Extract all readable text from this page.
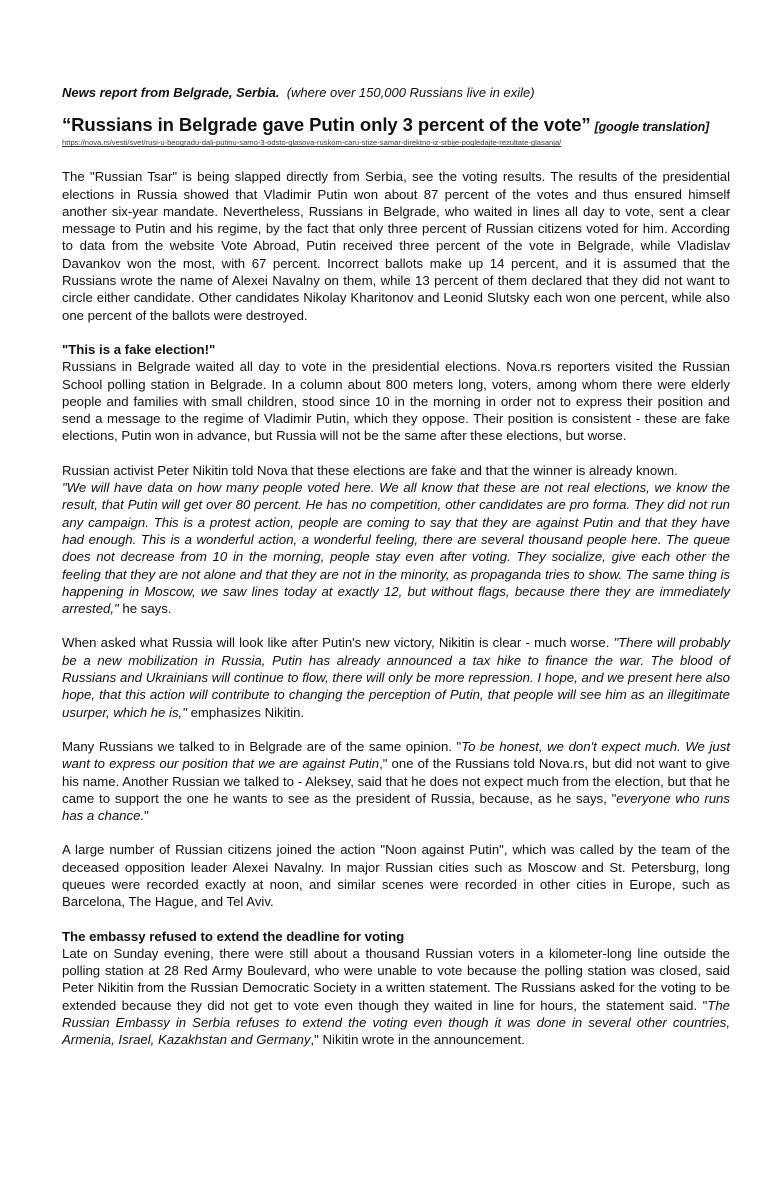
News report from Belgrade, Serbia. (where over 150,000 Russians live in exile)
“Russians in Belgrade gave Putin only 3 percent of the vote” [google translation]
https://nova.rs/vesti/svet/rusi-u-beogradu-dali-putinu-samo-3-odsto-glasova-ruskom-caru-stize-samar-direktno-iz-srbije-pogledajte-rezultate-glasanja/

The "Russian Tsar" is being slapped directly from Serbia, see the voting results. The results of the presidential elections in Russia showed that Vladimir Putin won about 87 percent of the votes and thus ensured himself another six-year mandate. Nevertheless, Russians in Belgrade, who waited in lines all day to vote, sent a clear message to Putin and his regime, by the fact that only three percent of Russian citizens voted for him. According to data from the website Vote Abroad, Putin received three percent of the vote in Belgrade, while Vladislav Davankov won the most, with 67 percent. Incorrect ballots make up 14 percent, and it is assumed that the Russians wrote the name of Alexei Navalny on them, while 13 percent of them declared that they did not want to circle either candidate. Other candidates Nikolay Kharitonov and Leonid Slutsky each won one percent, while also one percent of the ballots were destroyed.

"This is a fake election!"
Russians in Belgrade waited all day to vote in the presidential elections. Nova.rs reporters visited the Russian School polling station in Belgrade. In a column about 800 meters long, voters, among whom there were elderly people and families with small children, stood since 10 in the morning in order not to express their position and send a message to the regime of Vladimir Putin, which they oppose. Their position is consistent - these are fake elections, Putin won in advance, but Russia will not be the same after these elections, but worse.

Russian activist Peter Nikitin told Nova that these elections are fake and that the winner is already known.
"We will have data on how many people voted here. We all know that these are not real elections, we know the result, that Putin will get over 80 percent. He has no competition, other candidates are pro forma. They did not run any campaign. This is a protest action, people are coming to say that they are against Putin and that they have had enough. This is a wonderful action, a wonderful feeling, there are several thousand people here. The queue does not decrease from 10 in the morning, people stay even after voting. They socialize, give each other the feeling that they are not alone and that they are not in the minority, as propaganda tries to show. The same thing is happening in Moscow, we saw lines today at exactly 12, but without flags, because there they are immediately arrested," he says.

When asked what Russia will look like after Putin's new victory, Nikitin is clear - much worse. "There will probably be a new mobilization in Russia, Putin has already announced a tax hike to finance the war. The blood of Russians and Ukrainians will continue to flow, there will only be more repression. I hope, and we present here also hope, that this action will contribute to changing the perception of Putin, that people will see him as an illegitimate usurper, which he is," emphasizes Nikitin.

Many Russians we talked to in Belgrade are of the same opinion. "To be honest, we don't expect much. We just want to express our position that we are against Putin," one of the Russians told Nova.rs, but did not want to give his name. Another Russian we talked to - Aleksey, said that he does not expect much from the election, but that he came to support the one he wants to see as the president of Russia, because, as he says, "everyone who runs has a chance."

A large number of Russian citizens joined the action "Noon against Putin", which was called by the team of the deceased opposition leader Alexei Navalny. In major Russian cities such as Moscow and St. Petersburg, long queues were recorded exactly at noon, and similar scenes were recorded in other cities in Europe, such as Barcelona, The Hague, and Tel Aviv.

The embassy refused to extend the deadline for voting
Late on Sunday evening, there were still about a thousand Russian voters in a kilometer-long line outside the polling station at 28 Red Army Boulevard, who were unable to vote because the polling station was closed, said Peter Nikitin from the Russian Democratic Society in a written statement. The Russians asked for the voting to be extended because they did not get to vote even though they waited in line for hours, the statement said. "The Russian Embassy in Serbia refuses to extend the voting even though it was done in several other countries, Armenia, Israel, Kazakhstan and Germany," Nikitin wrote in the announcement.
